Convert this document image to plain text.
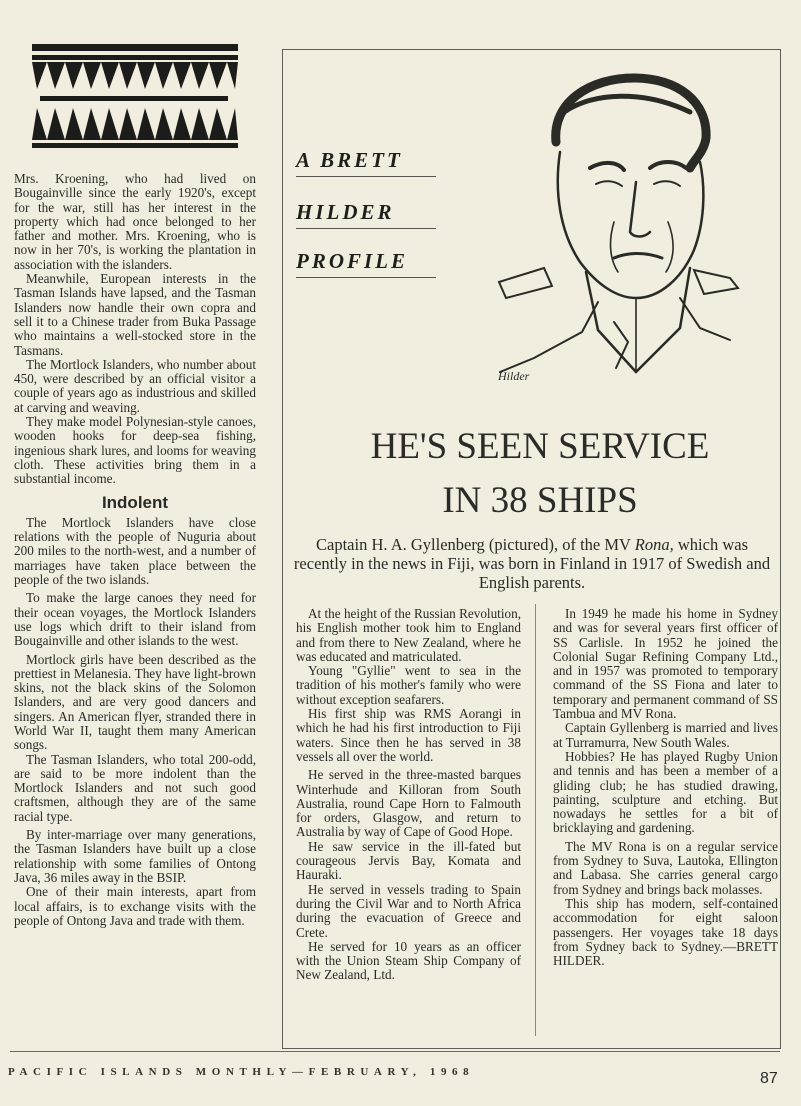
Mrs. Kroening, who had lived on Bougainville since the early 1920's, except for the war, still has her interest in the property which had once belonged to her father and mother. Mrs. Kroening, who is now in her 70's, is working the plantation in association with the islanders.

Meanwhile, European interests in the Tasman Islands have lapsed, and the Tasman Islanders now handle their own copra and sell it to a Chinese trader from Buka Passage who maintains a well-stocked store in the Tasmans.

The Mortlock Islanders, who number about 450, were described by an official visitor a couple of years ago as industrious and skilled at carving and weaving.

They make model Polynesian-style canoes, wooden hooks for deep-sea fishing, ingenious shark lures, and looms for weaving cloth. These activities bring them in a substantial income.

Indolent

The Mortlock Islanders have close relations with the people of Nuguria about 200 miles to the north-west, and a number of marriages have taken place between the people of the two islands.

To make the large canoes they need for their ocean voyages, the Mortlock Islanders use logs which drift to their island from Bougainville and other islands to the west.

Mortlock girls have been described as the prettiest in Melanesia. They have light-brown skins, not the black skins of the Solomon Islanders, and are very good dancers and singers. An American flyer, stranded there in World War II, taught them many American songs.

The Tasman Islanders, who total 200-odd, are said to be more indolent than the Mortlock Islanders and not such good craftsmen, although they are of the same racial type.

By inter-marriage over many generations, the Tasman Islanders have built up a close relationship with some families of Ontong Java, 36 miles away in the BSIP.

One of their main interests, apart from local affairs, is to exchange visits with the people of Ontong Java and trade with them.

A BRETT
HILDER
PROFILE
Hilder
HE'S SEEN SERVICE
IN 38 SHIPS
Captain H. A. Gyllenberg (pictured), of the MV Rona, which was recently in the news in Fiji, was born in Finland in 1917 of Swedish and English parents.

At the height of the Russian Revolution, his English mother took him to England and from there to New Zealand, where he was educated and matriculated.

Young "Gyllie" went to sea in the tradition of his mother's family who were without exception seafarers.

His first ship was RMS Aorangi in which he had his first introduction to Fiji waters. Since then he has served in 38 vessels all over the world.

He served in the three-masted barques Winterhude and Killoran from South Australia, round Cape Horn to Falmouth for orders, Glasgow, and return to Australia by way of Cape of Good Hope.

He saw service in the ill-fated but courageous Jervis Bay, Komata and Hauraki.

He served in vessels trading to Spain during the Civil War and to North Africa during the evacuation of Greece and Crete.

He served for 10 years as an officer with the Union Steam Ship Company of New Zealand, Ltd.

In 1949 he made his home in Sydney and was for several years first officer of SS Carlisle. In 1952 he joined the Colonial Sugar Refining Company Ltd., and in 1957 was promoted to temporary command of the SS Fiona and later to temporary and permanent command of SS Tambua and MV Rona.

Captain Gyllenberg is married and lives at Turramurra, New South Wales.

Hobbies? He has played Rugby Union and tennis and has been a member of a gliding club; he has studied drawing, painting, sculpture and etching. But nowadays he settles for a bit of bricklaying and gardening.

The MV Rona is on a regular service from Sydney to Suva, Lautoka, Ellington and Labasa. She carries general cargo from Sydney and brings back molasses.

This ship has modern, self-contained accommodation for eight saloon passengers. Her voyages take 18 days from Sydney back to Sydney.—BRETT HILDER.

PACIFIC ISLANDS MONTHLY—FEBRUARY, 1968	87
